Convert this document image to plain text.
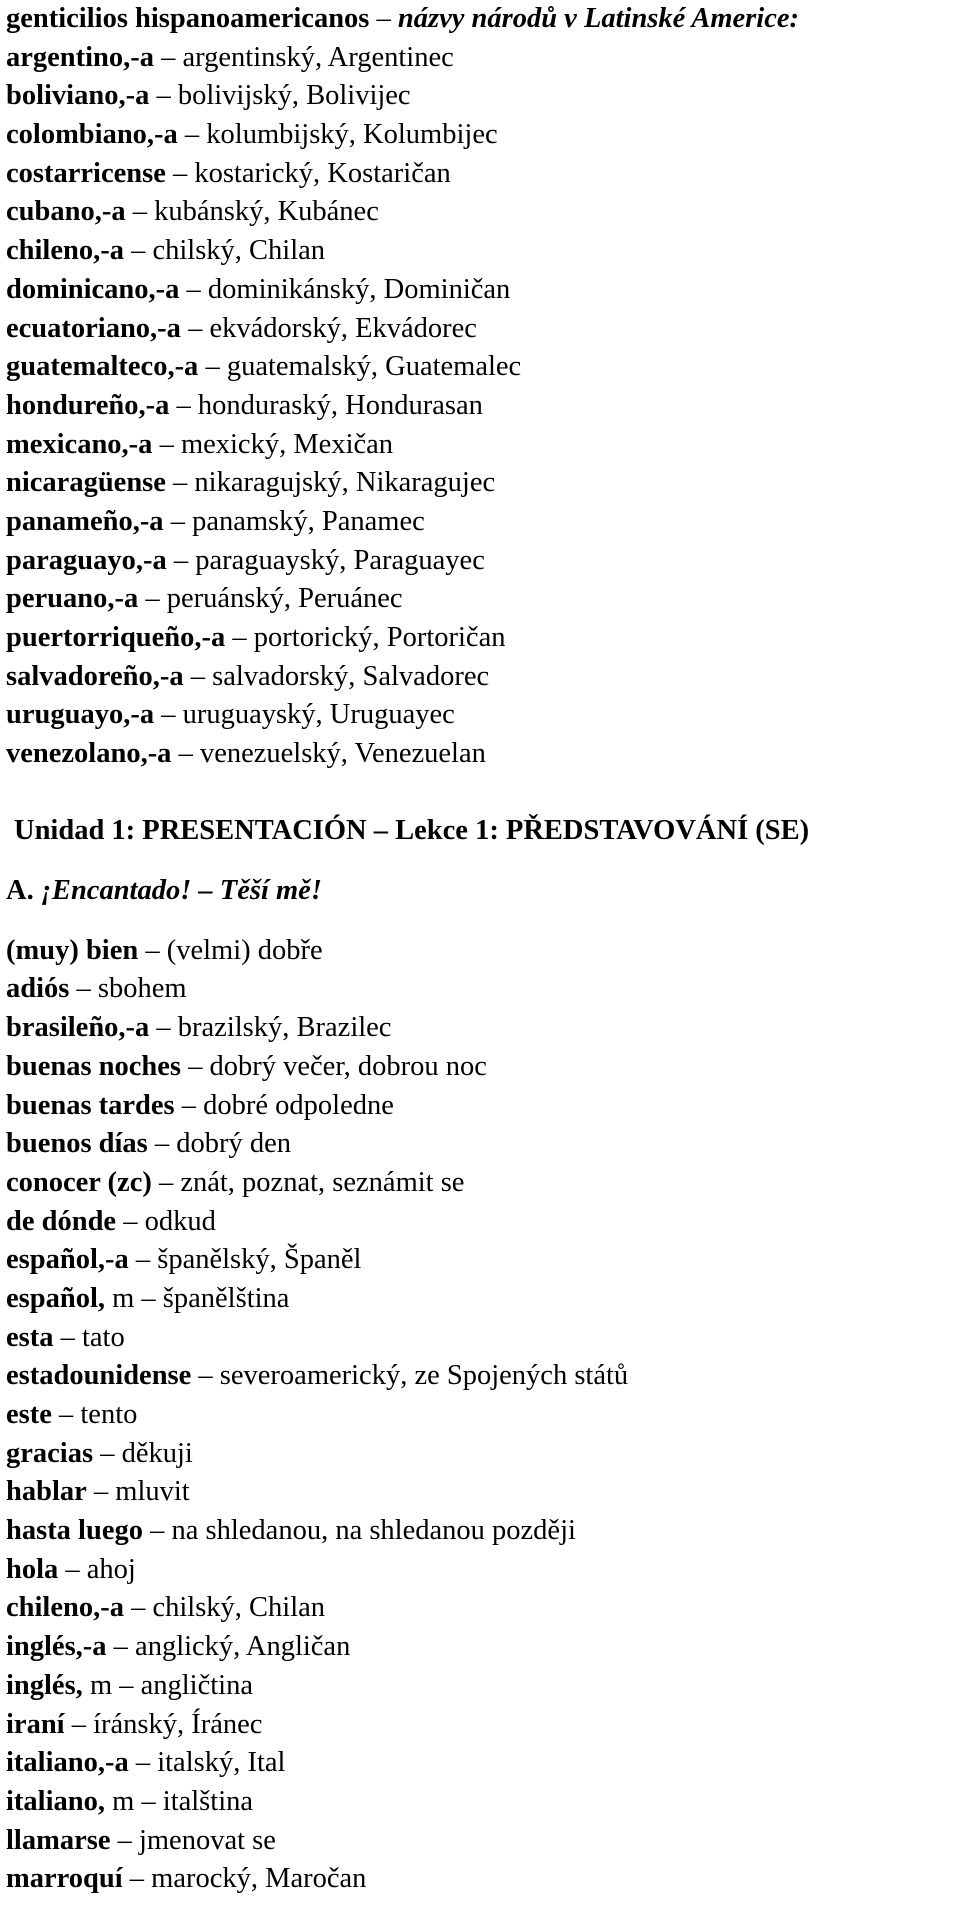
genticilios hispanoamericanos – názvy národů v Latinské Americe:
argentino,-a – argentinský, Argentinec
boliviano,-a – bolivijský, Bolivijec
colombiano,-a – kolumbijský, Kolumbijec
costarricense – kostarický, Kostaričan
cubano,-a – kubánský, Kubánec
chileno,-a – chilský, Chilan
dominicano,-a – dominikánský, Dominičan
ecuatoriano,-a – ekvádorský, Ekvádorec
guatemalteco,-a – guatemalský, Guatemalec
hondureño,-a – honduraský, Hondurasan
mexicano,-a – mexický, Mexičan
nicaragüense – nikaragujský, Nikaragujec
panameño,-a – panamský, Panamec
paraguayo,-a – paraguayský, Paraguayec
peruano,-a – peruánský, Peruánec
puertorriqueño,-a – portorický, Portoričan
salvadoreño,-a – salvadorský, Salvadorec
uruguayo,-a – uruguayský, Uruguayec
venezolano,-a – venezuelský, Venezuelan
Unidad 1: PRESENTACIÓN – Lekce 1: PŘEDSTAVOVÁNÍ (SE)
A. ¡Encantado! – Těší mě!
(muy) bien – (velmi) dobře
adiós – sbohem
brasileño,-a – brazilský, Brazilec
buenas noches – dobrý večer, dobrou noc
buenas tardes – dobré odpoledne
buenos días – dobrý den
conocer (zc) – znát, poznat, seznámit se
de dónde – odkud
español,-a – španělský, Španěl
español, m – španělština
esta – tato
estadounidense – severoamerický, ze Spojených států
este – tento
gracias – děkuji
hablar – mluvit
hasta luego – na shledanou, na shledanou později
hola – ahoj
chileno,-a – chilský, Chilan
inglés,-a – anglický, Angličan
inglés, m – angličtina
iraní – íránský, Íránec
italiano,-a – italský, Ital
italiano, m – italština
llamarse – jmenovat se
marroquí – marocký, Maročan
